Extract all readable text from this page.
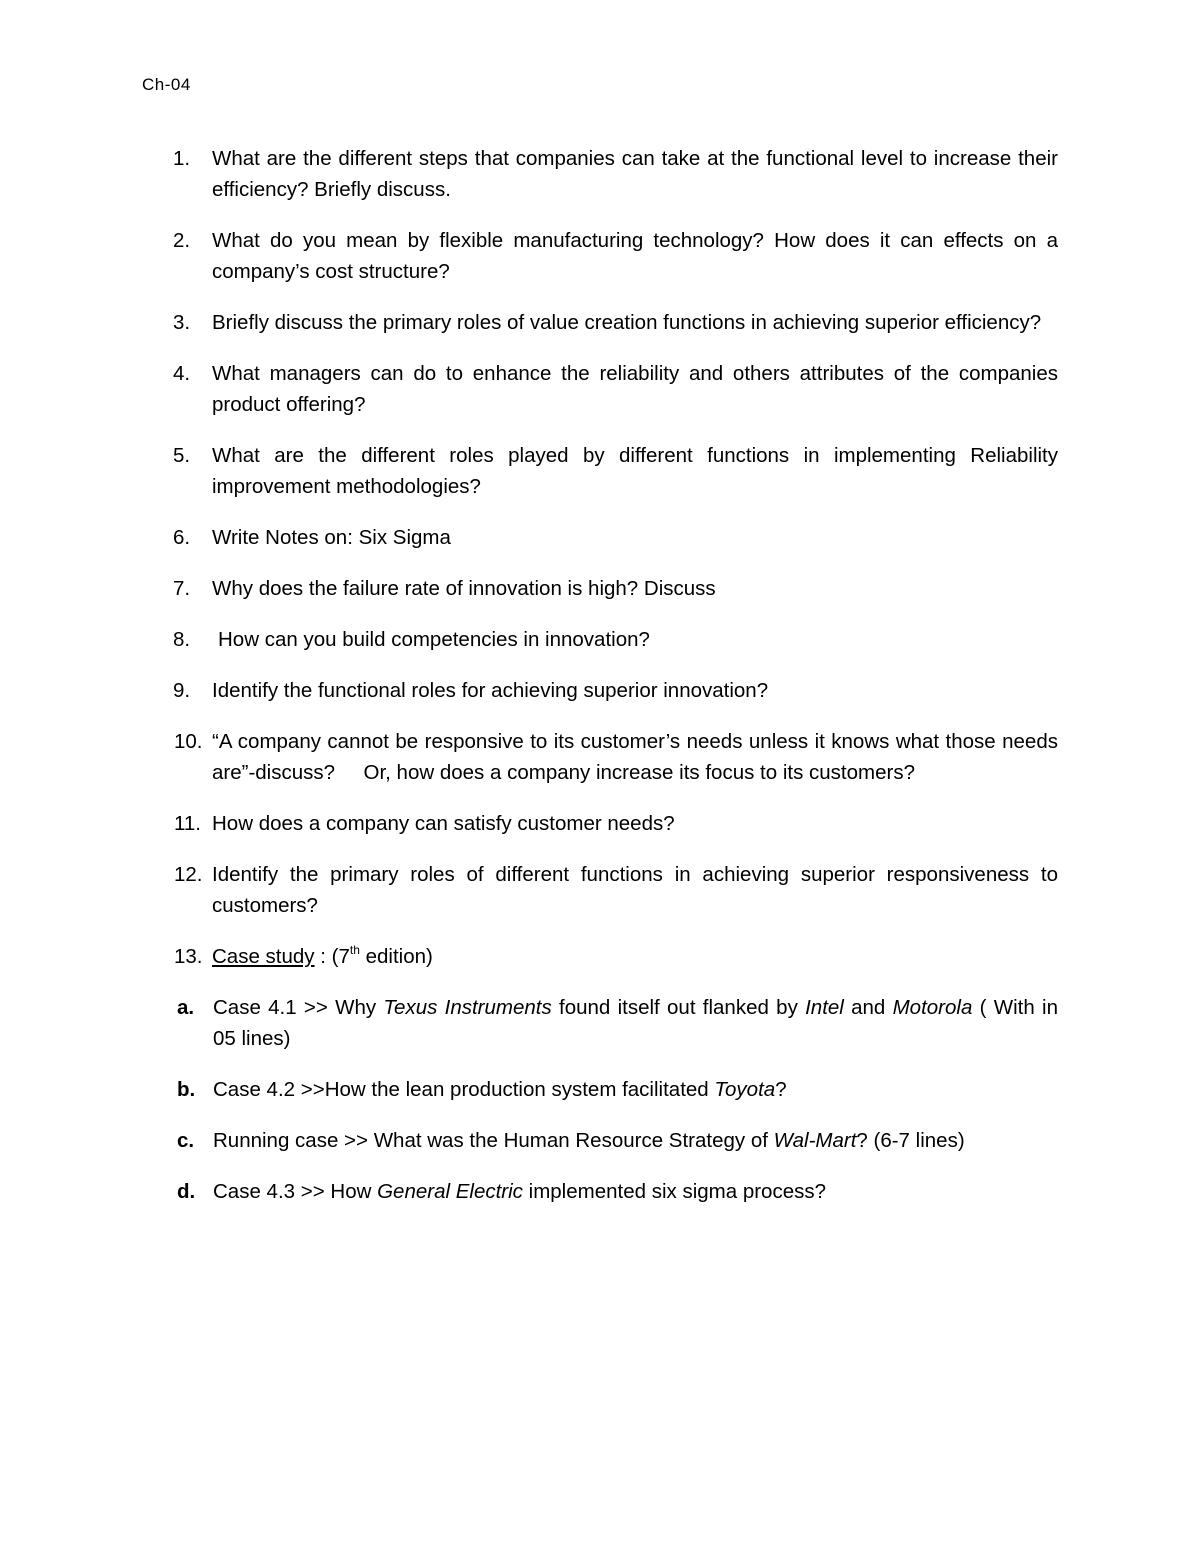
Ch-04
1. What are the different steps that companies can take at the functional level to increase their efficiency? Briefly discuss.
2. What do you mean by flexible manufacturing technology? How does it can effects on a company’s cost structure?
3. Briefly discuss the primary roles of value creation functions in achieving superior efficiency?
4. What managers can do to enhance the reliability and others attributes of the companies product offering?
5. What are the different roles played by different functions in implementing Reliability improvement methodologies?
6. Write Notes on: Six Sigma
7. Why does the failure rate of innovation is high? Discuss
8. How can you build competencies in innovation?
9. Identify the functional roles for achieving superior innovation?
10. “A company cannot be responsive to its customer’s needs unless it knows what those needs are”-discuss?     Or, how does a company increase its focus to its customers?
11. How does a company can satisfy customer needs?
12. Identify the primary roles of different functions in achieving superior responsiveness to customers?
13. Case study : (7th edition)
a. Case 4.1 >> Why Texus Instruments found itself out flanked by Intel and Motorola ( With in 05 lines)
b. Case 4.2 >>How the lean production system facilitated Toyota?
c. Running case >> What was the Human Resource Strategy of Wal-Mart? (6-7 lines)
d. Case 4.3 >> How General Electric implemented six sigma process?
